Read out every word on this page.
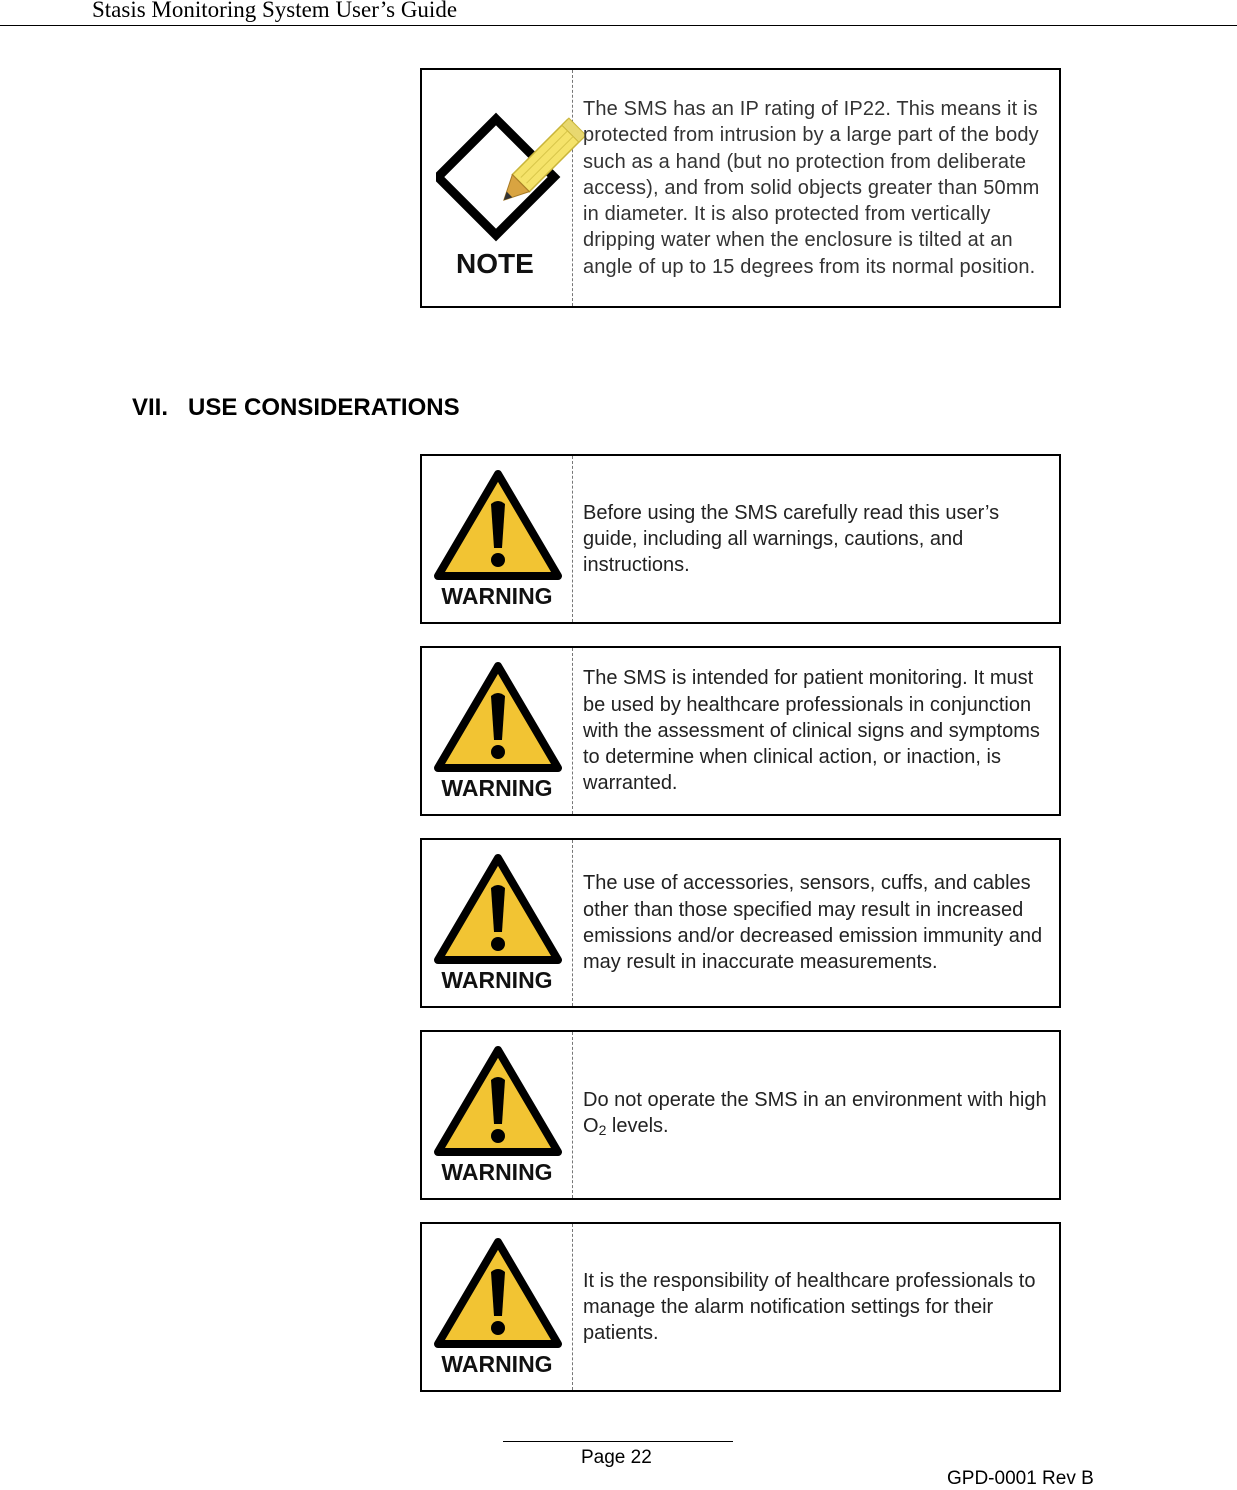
Stasis Monitoring System User’s Guide
NOTE
The SMS has an IP rating of IP22. This means it is protected from intrusion by a large part of the body such as a hand (but no protection from deliberate access), and from solid objects greater than 50mm in diameter. It is also protected from vertically dripping water when the enclosure is tilted at an angle of up to 15 degrees from its normal position.
VII. USE CONSIDERATIONS
WARNING
Before using the SMS carefully read this user’s guide, including all warnings, cautions, and instructions.
WARNING
The SMS is intended for patient monitoring. It must be used by healthcare professionals in conjunction with the assessment of clinical signs and symptoms to determine when clinical action, or inaction, is warranted.
WARNING
The use of accessories, sensors, cuffs, and cables other than those specified may result in increased emissions and/or decreased emission immunity and may result in inaccurate measurements.
WARNING
Do not operate the SMS in an environment with high $O_2$ levels.
WARNING
It is the responsibility of healthcare professionals to manage the alarm notification settings for their patients.
Page 22
GPD-0001 Rev B
